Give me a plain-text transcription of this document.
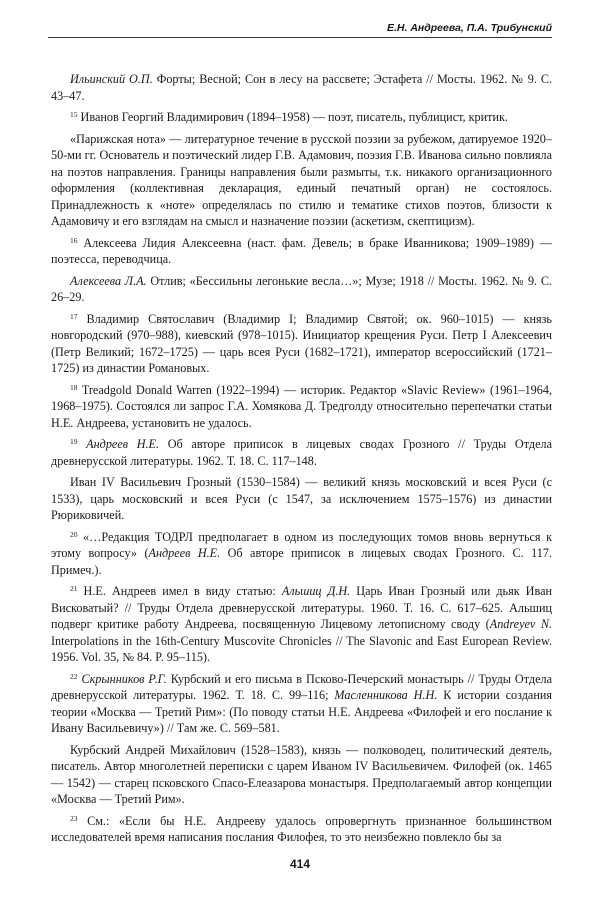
Е.Н. Андреева, П.А. Трибунский

Ильинский О.П. Форты; Весной; Сон в лесу на рассвете; Эстафета // Мосты. 1962. № 9. С. 43–47.

$^{15}$ Иванов Георгий Владимирович (1894–1958) — поэт, писатель, публицист, критик.

«Парижская нота» — литературное течение в русской поэзии за рубежом, датируемое 1920–50-ми гг. Основатель и поэтический лидер Г.В. Адамович, поэзия Г.В. Иванова сильно повлияла на поэтов направления. Границы направления были размыты, т.к. никакого организационного оформления (коллективная декларация, единый печатный орган) не состоялось. Принадлежность к «ноте» определялась по стилю и тематике стихов поэтов, близости к Адамовичу и его взглядам на смысл и назначение поэзии (аскетизм, скептицизм).

$^{16}$ Алексеева Лидия Алексеевна (наст. фам. Девель; в браке Иванникова; 1909–1989) — поэтесса, переводчица.

Алексеева Л.А. Отлив; «Бессильны легонькие весла…»; Музе; 1918 // Мосты. 1962. № 9. С. 26–29.

$^{17}$ Владимир Святославич (Владимир I; Владимир Святой; ок. 960–1015) — князь новгородский (970–988), киевский (978–1015). Инициатор крещения Руси. Петр I Алексеевич (Петр Великий; 1672–1725) — царь всея Руси (1682–1721), император всероссийский (1721–1725) из династии Романовых.

$^{18}$ Treadgold Donald Warren (1922–1994) — историк. Редактор «Slavic Review» (1961–1964, 1968–1975). Состоялся ли запрос Г.А. Хомякова Д. Тредголду относительно перепечатки статьи Н.Е. Андреева, установить не удалось.

$^{19}$ Андреев Н.Е. Об авторе приписок в лицевых сводах Грозного // Труды Отдела древнерусской литературы. 1962. Т. 18. С. 117–148.

Иван IV Васильевич Грозный (1530–1584) — великий князь московский и всея Руси (с 1533), царь московский и всея Руси (с 1547, за исключением 1575–1576) из династии Рюриковичей.

$^{20}$ «…Редакция ТОДРЛ предполагает в одном из последующих томов вновь вернуться к этому вопросу» (Андреев Н.Е. Об авторе приписок в лицевых сводах Грозного. С. 117. Примеч.).

$^{21}$ Н.Е. Андреев имел в виду статью: Альшиц Д.Н. Царь Иван Грозный или дьяк Иван Висковатый? // Труды Отдела древнерусской литературы. 1960. Т. 16. С. 617–625. Альшиц подверг критике работу Андреева, посвященную Лицевому летописному своду (Andreyev N. Interpolations in the 16th-Century Muscovite Chronicles // The Slavonic and East European Review. 1956. Vol. 35, № 84. P. 95–115).

$^{22}$ Скрынников Р.Г. Курбский и его письма в Псково-Печерский монастырь // Труды Отдела древнерусской литературы. 1962. Т. 18. С. 99–116; Масленникова Н.Н. К истории создания теории «Москва — Третий Рим»: (По поводу статьи Н.Е. Андреева «Филофей и его послание к Ивану Васильевичу») // Там же. С. 569–581.

Курбский Андрей Михайлович (1528–1583), князь — полководец, политический деятель, писатель. Автор многолетней переписки с царем Иваном IV Васильевичем. Филофей (ок. 1465 — 1542) — старец псковского Спасо-Елеазарова монастыря. Предполагаемый автор концепции «Москва — Третий Рим».

$^{23}$ См.: «Если бы Н.Е. Андрееву удалось опровергнуть признанное большинством исследователей время написания послания Филофея, то это неизбежно повлекло бы за

414
